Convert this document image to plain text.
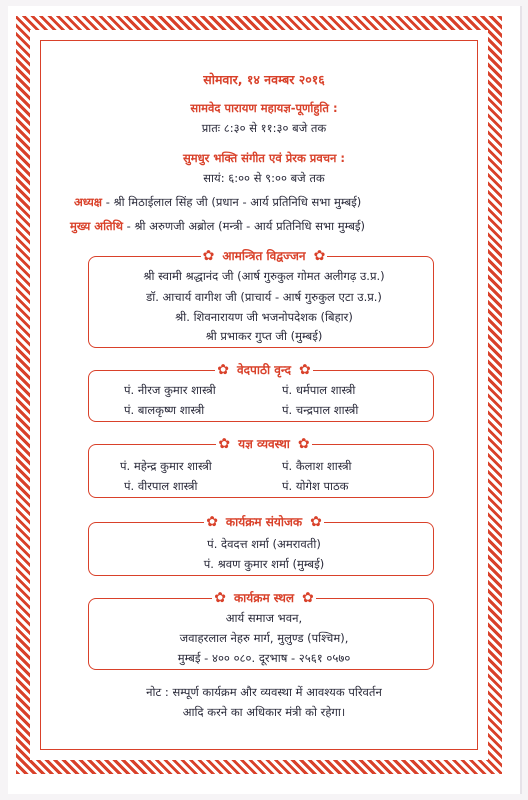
सोमवार, १४ नवम्बर २०१६
सामवेद पारायण महायज्ञ-पूर्णाहुति :
प्रातः ८:३० से ११:३० बजे तक
सुमधुर भक्ति संगीत एवं प्रेरक प्रवचन :
सायं: ६:०० से ९:०० बजे तक
अध्यक्ष - श्री मिठाईलाल सिंह जी (प्रधान - आर्य प्रतिनिधि सभा मुम्बई)
मुख्य अतिथि - श्री अरुणजी अब्रोल (मन्त्री - आर्य प्रतिनिधि सभा मुम्बई)
✿ आमन्त्रित विद्वज्जन ✿
श्री स्वामी श्रद्धानंद जी (आर्ष गुरुकुल गोमत अलीगढ़ उ.प्र.)
डॉ. आचार्य वागीश जी (प्राचार्य - आर्ष गुरुकुल एटा उ.प्र.)
श्री. शिवनारायण जी भजनोपदेशक (बिहार)
श्री प्रभाकर गुप्त जी (मुम्बई)
✿ वेदपाठी वृन्द ✿
पं. नीरज कुमार शास्त्री
पं. बालकृष्ण शास्त्री
पं. धर्मपाल शास्त्री
पं. चन्द्रपाल शास्त्री
✿ यज्ञ व्यवस्था ✿
पं. महेन्द्र कुमार शास्त्री
पं. वीरपाल शास्त्री
पं. कैलाश शास्त्री
पं. योगेश पाठक
✿ कार्यक्रम संयोजक ✿
पं. देवदत्त शर्मा (अमरावती)
पं. श्रवण कुमार शर्मा (मुम्बई)
✿ कार्यक्रम स्थल ✿
आर्य समाज भवन,
जवाहरलाल नेहरु मार्ग, मुलुण्ड (पश्चिम),
मुम्बई - ४०० ०८०. दूरभाष - २५६१ ०५७०
नोट : सम्पूर्ण कार्यक्रम और व्यवस्था में आवश्यक परिवर्तन
आदि करने का अधिकार मंत्री को रहेगा।
